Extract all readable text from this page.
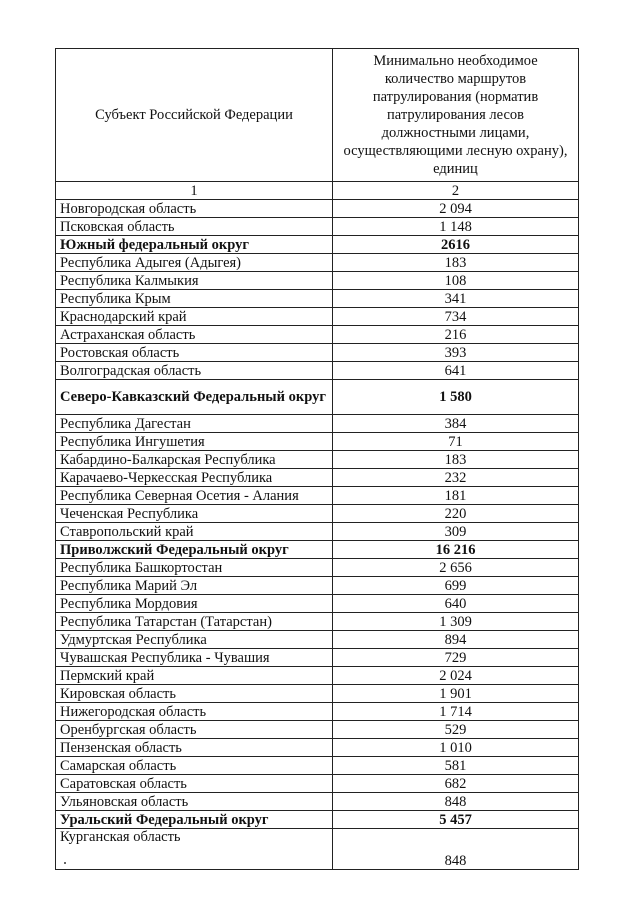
Субъект Российской Федерации	Минимально необходимое количество маршрутов патрулирования (норматив патрулирования лесов должностными лицами, осуществляющими лесную охрану), единиц
1	2
Новгородская область	2 094
Псковская область	1 148
Южный федеральный округ	2616
Республика Адыгея (Адыгея)	183
Республика Калмыкия	108
Республика Крым	341
Краснодарский край	734
Астраханская область	216
Ростовская область	393
Волгоградская область	641
Северо-Кавказский Федеральный округ	1 580
Республика Дагестан	384
Республика Ингушетия	71
Кабардино-Балкарская Республика	183
Карачаево-Черкесская Республика	232
Республика Северная Осетия - Алания	181
Чеченская Республика	220
Ставропольский край	309
Приволжский Федеральный округ	16 216
Республика Башкортостан	2 656
Республика Марий Эл	699
Республика Мордовия	640
Республика Татарстан (Татарстан)	1 309
Удмуртская Республика	894
Чувашская Республика - Чувашия	729
Пермский край	2 024
Кировская область	1 901
Нижегородская область	1 714
Оренбургская область	529
Пензенская область	1 010
Самарская область	581
Саратовская область	682
Ульяновская область	848
Уральский Федеральный округ	5 457
Курганская область	848
